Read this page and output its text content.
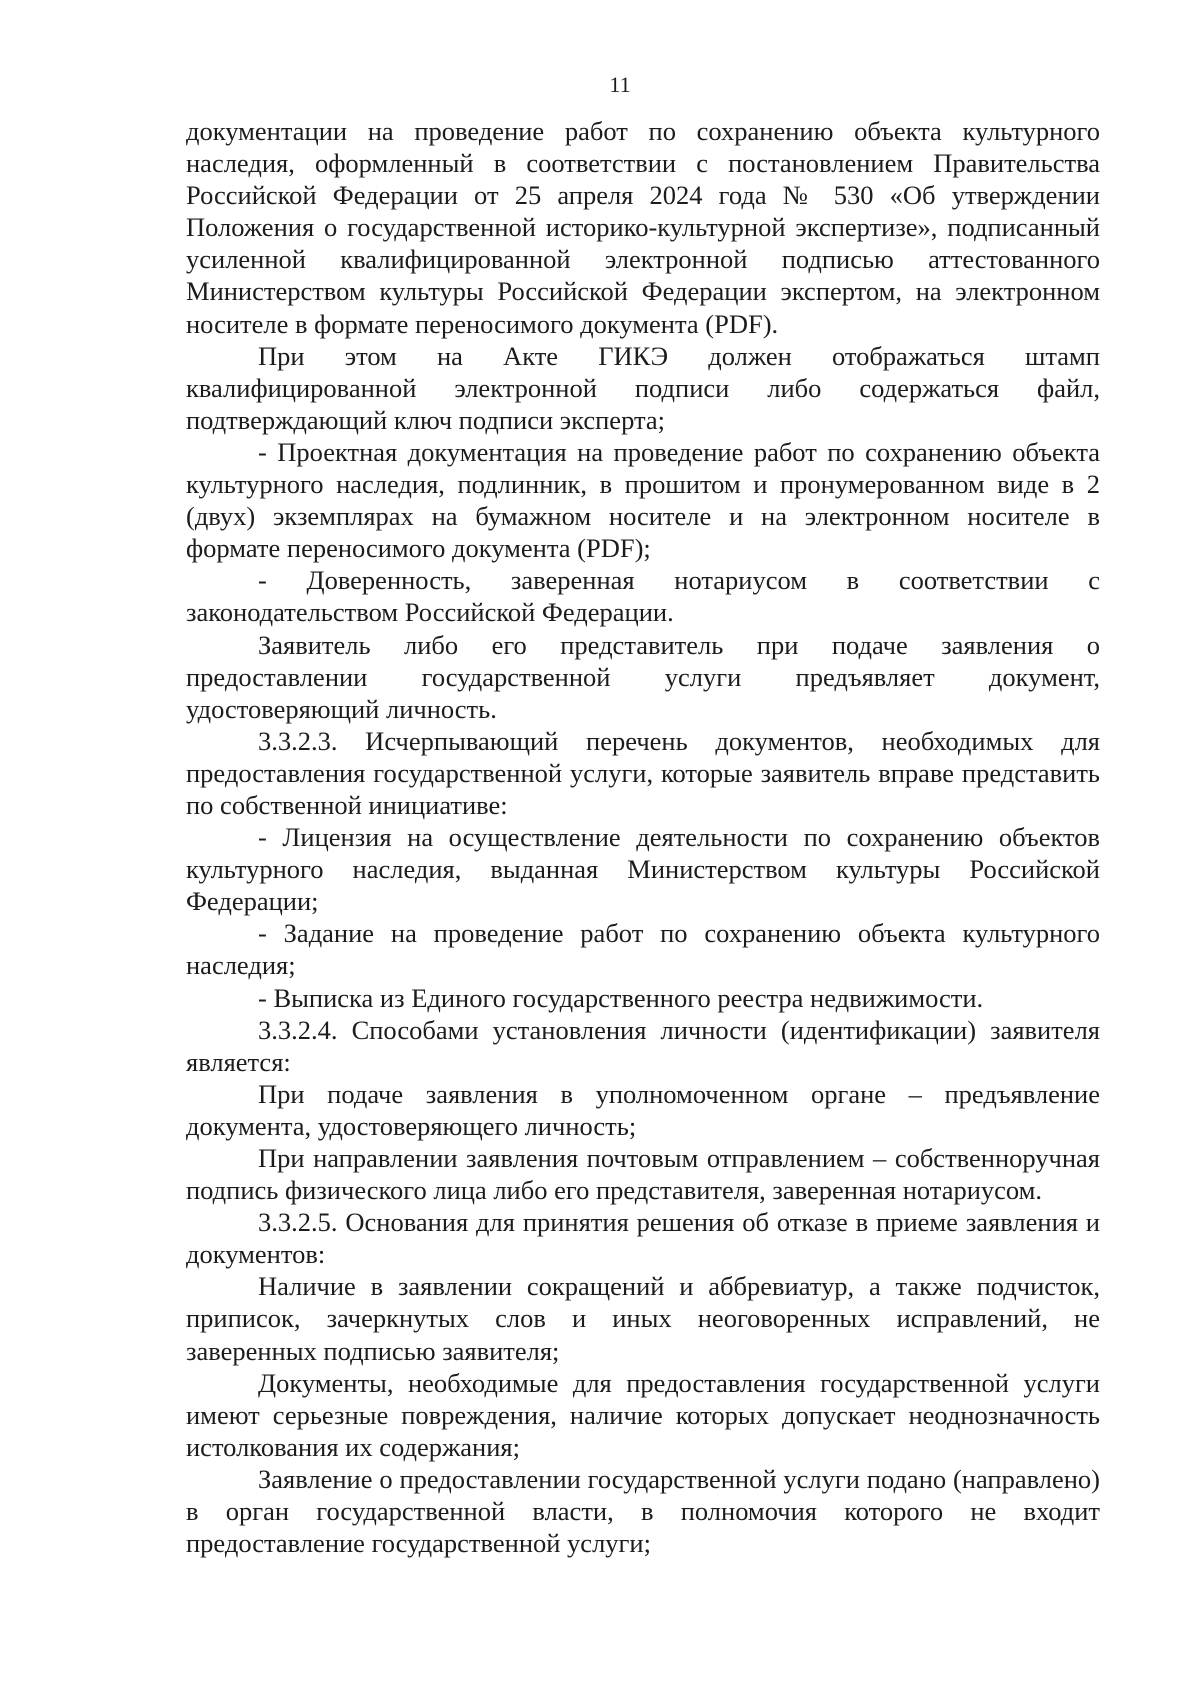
11

документации на проведение работ по сохранению объекта культурного наследия, оформленный в соответствии с постановлением Правительства Российской Федерации от 25 апреля 2024 года № 530 «Об утверждении Положения о государственной историко-культурной экспертизе», подписанный усиленной квалифицированной электронной подписью аттестованного Министерством культуры Российской Федерации экспертом, на электронном носителе в формате переносимого документа (PDF).

При этом на Акте ГИКЭ должен отображаться штамп квалифицированной электронной подписи либо содержаться файл, подтверждающий ключ подписи эксперта;

- Проектная документация на проведение работ по сохранению объекта культурного наследия, подлинник, в прошитом и пронумерованном виде в 2 (двух) экземплярах на бумажном носителе и на электронном носителе в формате переносимого документа (PDF);

- Доверенность, заверенная нотариусом в соответствии с законодательством Российской Федерации.

Заявитель либо его представитель при подаче заявления о предоставлении государственной услуги предъявляет документ, удостоверяющий личность.

3.3.2.3. Исчерпывающий перечень документов, необходимых для предоставления государственной услуги, которые заявитель вправе представить по собственной инициативе:

- Лицензия на осуществление деятельности по сохранению объектов культурного наследия, выданная Министерством культуры Российской Федерации;

- Задание на проведение работ по сохранению объекта культурного наследия;

- Выписка из Единого государственного реестра недвижимости.

3.3.2.4. Способами установления личности (идентификации) заявителя является:

При подаче заявления в уполномоченном органе – предъявление документа, удостоверяющего личность;

При направлении заявления почтовым отправлением – собственноручная подпись физического лица либо его представителя, заверенная нотариусом.

3.3.2.5. Основания для принятия решения об отказе в приеме заявления и документов:

Наличие в заявлении сокращений и аббревиатур, а также подчисток, приписок, зачеркнутых слов и иных неоговоренных исправлений, не заверенных подписью заявителя;

Документы, необходимые для предоставления государственной услуги имеют серьезные повреждения, наличие которых допускает неоднозначность истолкования их содержания;

Заявление о предоставлении государственной услуги подано (направлено) в орган государственной власти, в полномочия которого не входит предоставление государственной услуги;
